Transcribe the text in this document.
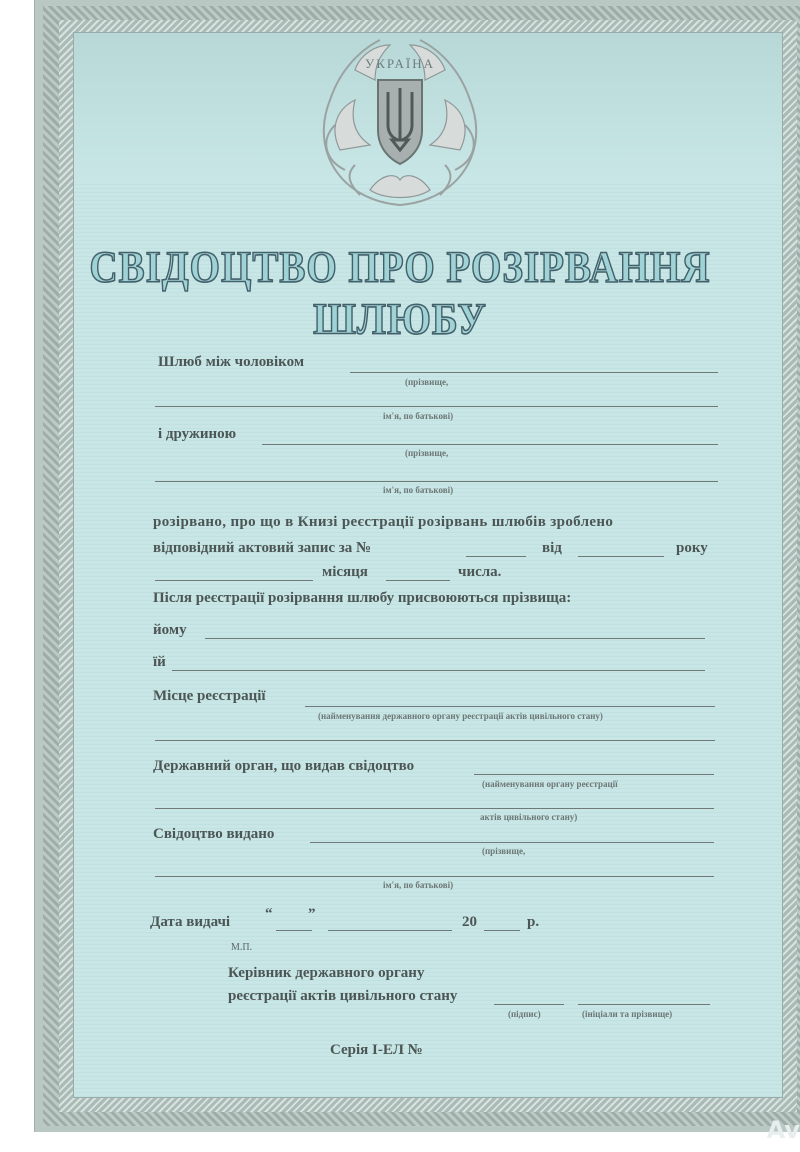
УКРАЇНА
СВІДОЦТВО ПРО РОЗІРВАННЯ ШЛЮБУ
Шлюб між чоловіком
(прізвище,
ім'я, по батькові)
і дружиною
(прізвище,
ім'я, по батькові)
розірвано, про що в Книзі реєстрації розірвань шлюбів зроблено
відповідний актовий запис за №	від	року
місяця	числа.
Після реєстрації розірвання шлюбу присвоюються прізвища:
йому
їй
Місце реєстрації
(найменування державного органу реєстрації актів цивільного стану)
Державний орган, що видав свідоцтво
(найменування органу реєстрації
актів цивільного стану)
Свідоцтво видано
(прізвище,
ім'я, по батькові)
Дата видачі “ ”	20	р.
М.П.
Керівник державного органу
реєстрації актів цивільного стану
(підпис)	(ініціали та прізвище)
Серія І-ЕЛ №
Av
